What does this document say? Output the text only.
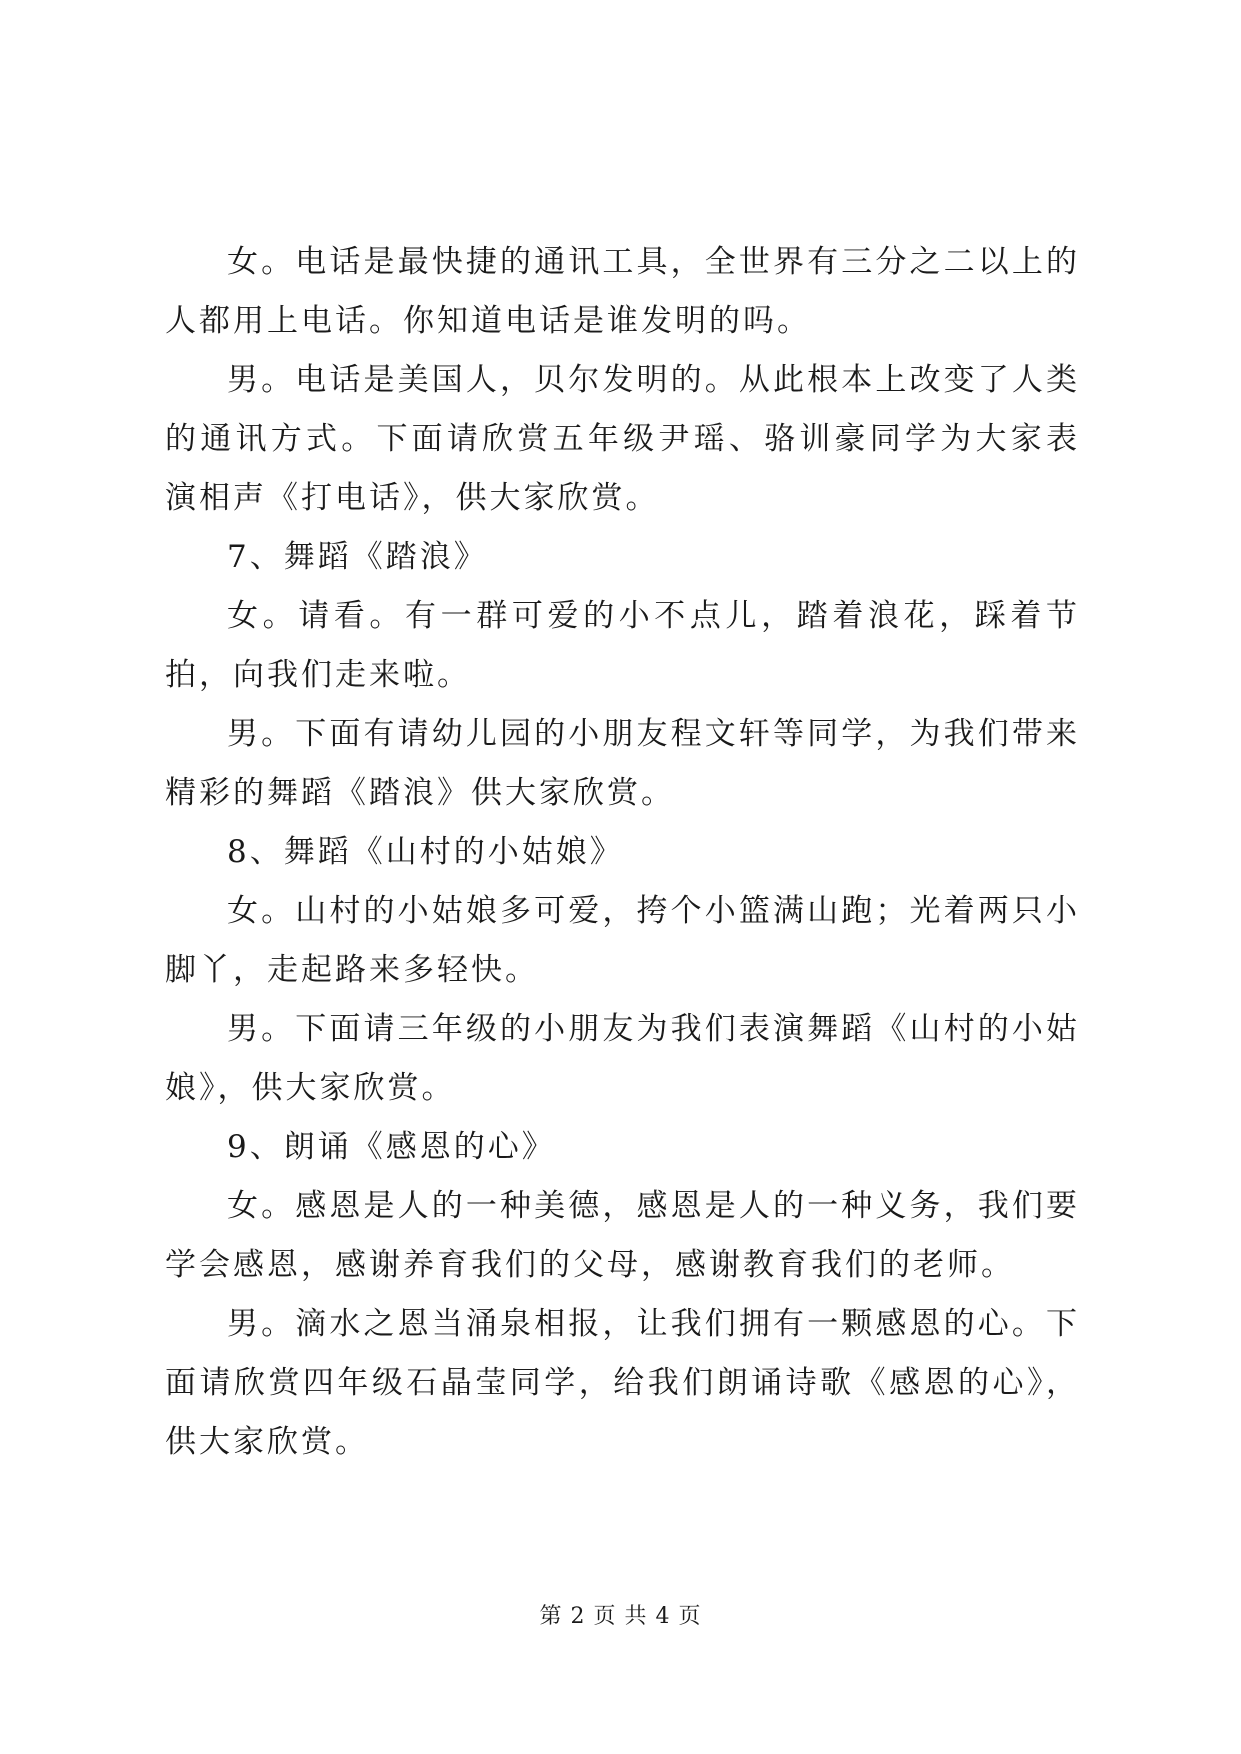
女。电话是最快捷的通讯工具，全世界有三分之二以上的人都用上电话。你知道电话是谁发明的吗。

男。电话是美国人，贝尔发明的。从此根本上改变了人类的通讯方式。下面请欣赏五年级尹瑶、骆训豪同学为大家表演相声《打电话》，供大家欣赏。

7、舞蹈《踏浪》

女。请看。有一群可爱的小不点儿，踏着浪花，踩着节拍，向我们走来啦。

男。下面有请幼儿园的小朋友程文轩等同学，为我们带来精彩的舞蹈《踏浪》供大家欣赏。

8、舞蹈《山村的小姑娘》

女。山村的小姑娘多可爱，挎个小篮满山跑；光着两只小脚丫，走起路来多轻快。

男。下面请三年级的小朋友为我们表演舞蹈《山村的小姑娘》，供大家欣赏。

9、朗诵《感恩的心》

女。感恩是人的一种美德，感恩是人的一种义务，我们要学会感恩，感谢养育我们的父母，感谢教育我们的老师。

男。滴水之恩当涌泉相报，让我们拥有一颗感恩的心。下面请欣赏四年级石晶莹同学，给我们朗诵诗歌《感恩的心》，供大家欣赏。

第 2 页 共 4 页
